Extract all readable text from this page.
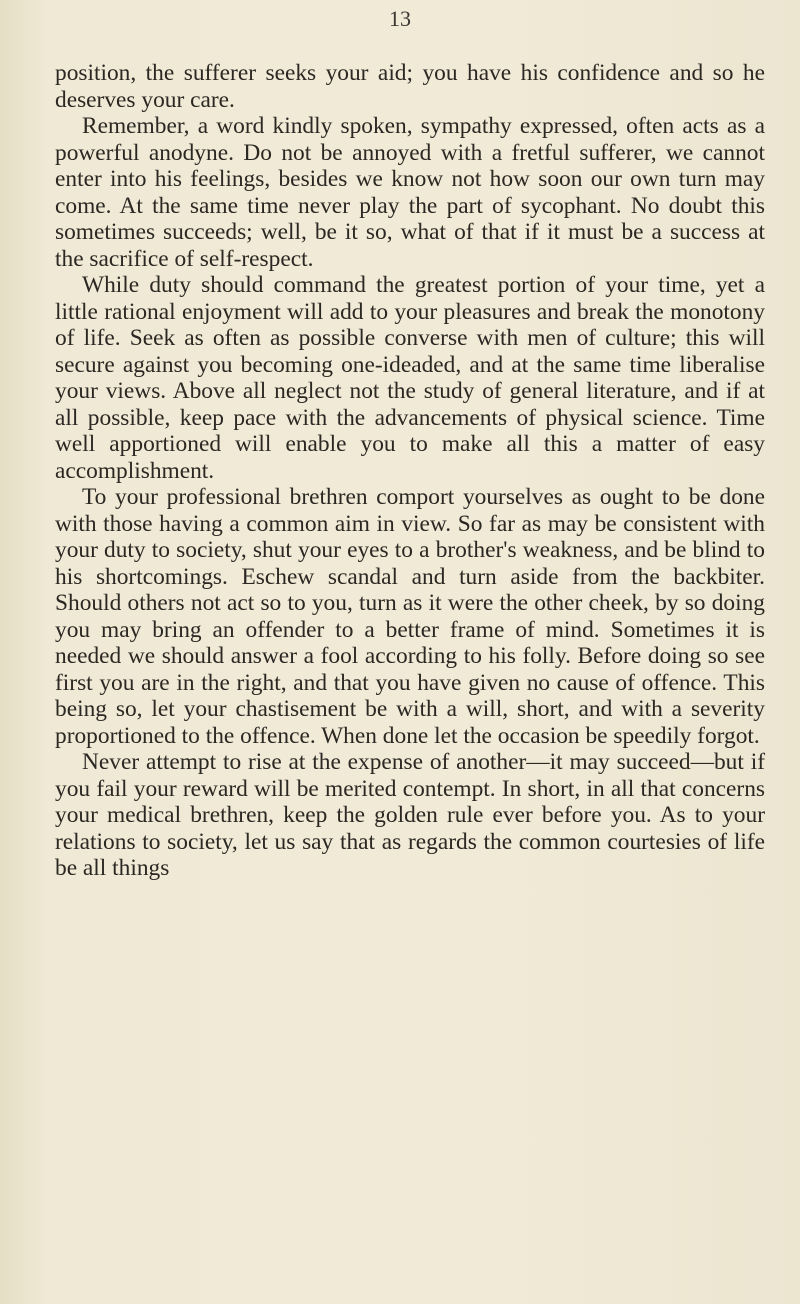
13

position, the sufferer seeks your aid; you have his confidence and so he deserves your care.

Remember, a word kindly spoken, sympathy expressed, often acts as a powerful anodyne. Do not be annoyed with a fretful sufferer, we cannot enter into his feelings, besides we know not how soon our own turn may come. At the same time never play the part of sycophant. No doubt this sometimes succeeds; well, be it so, what of that if it must be a success at the sacrifice of self-respect.

While duty should command the greatest portion of your time, yet a little rational enjoyment will add to your pleasures and break the monotony of life. Seek as often as possible converse with men of culture; this will secure against you becoming one-ideaded, and at the same time liberalise your views. Above all neglect not the study of general literature, and if at all possible, keep pace with the advancements of physical science. Time well apportioned will enable you to make all this a matter of easy accomplishment.

To your professional brethren comport yourselves as ought to be done with those having a common aim in view. So far as may be consistent with your duty to society, shut your eyes to a brother's weakness, and be blind to his shortcomings. Eschew scandal and turn aside from the backbiter. Should others not act so to you, turn as it were the other cheek, by so doing you may bring an offender to a better frame of mind. Sometimes it is needed we should answer a fool according to his folly. Before doing so see first you are in the right, and that you have given no cause of offence. This being so, let your chastisement be with a will, short, and with a severity proportioned to the offence. When done let the occasion be speedily forgot.

Never attempt to rise at the expense of another—it may succeed—but if you fail your reward will be merited contempt. In short, in all that concerns your medical brethren, keep the golden rule ever before you. As to your relations to society, let us say that as regards the common courtesies of life be all things
